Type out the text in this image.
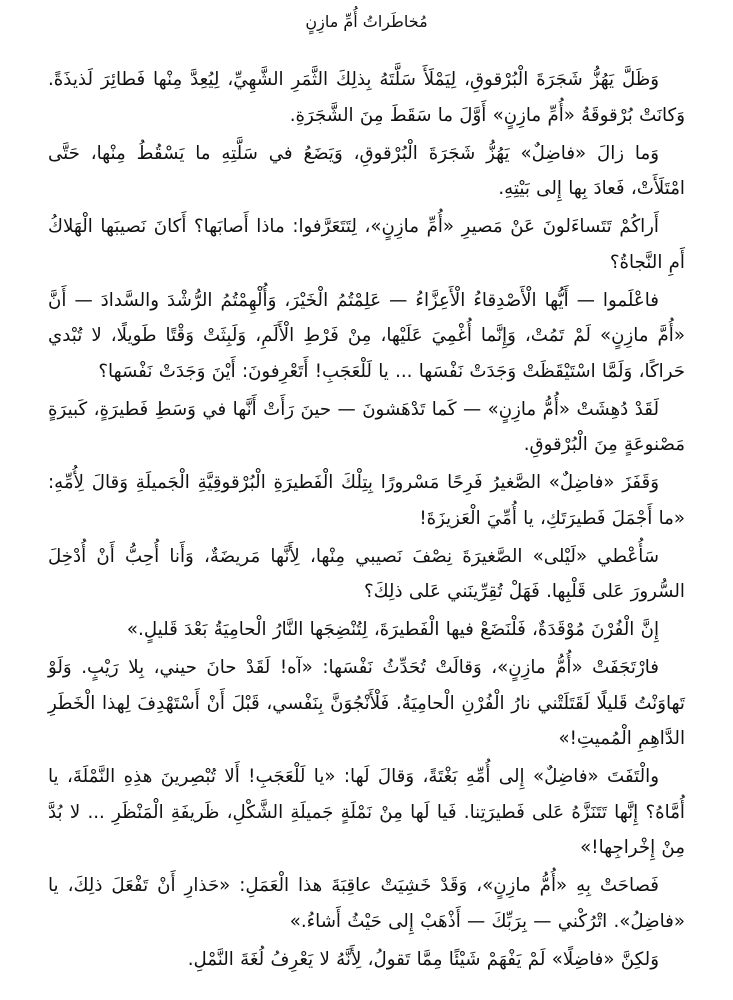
مُخاطَراتُ أُمِّ مازِنٍ

وَظَلَّ يَهُزُّ شَجَرَةَ الْبُرْقوقِ، لِيَمْلَأَ سَلَّتَهُ بِذلِكَ الثَّمَرِ الشَّهِيِّ، لِيُعِدَّ مِنْها فَطائِرَ لَذيذَةً. وَكانَتْ بُرْقوقَةُ «أُمِّ مازِنٍ» أَوَّلَ ما سَقَطَ مِنَ الشَّجَرَةِ.

وَما زالَ «فاضِلٌ» يَهُزُّ شَجَرَةَ الْبُرْقوقِ، وَيَضَعُ في سَلَّتِهِ ما يَسْقُطُ مِنْها، حَتَّى امْتَلَأَتْ، فَعادَ بِها إِلى بَيْتِهِ.

أَراكُمْ تَتَساءَلونَ عَنْ مَصيرِ «أُمِّ مازِنٍ»، لِتَتَعَرَّفوا: ماذا أَصابَها؟ أَكانَ نَصيبَها الْهَلاكُ أَمِ النَّجاةُ؟

فاعْلَموا — أَيُّها الْأَصْدِقاءُ الْأَعِزَّاءُ — عَلِمْتُمُ الْخَيْرَ، وَأُلْهِمْتُمُ الرُّشْدَ والسَّدادَ — أَنَّ «أُمَّ مازِنٍ» لَمْ تَمُتْ، وَإِنَّما أُغْمِيَ عَلَيْها، مِنْ فَرْطِ الْأَلَمِ، وَلَبِثَتْ وَقْتًا طَويلًا، لا تُبْدي حَراكًا، وَلَمَّا اسْتَيْقَظَتْ وَجَدَتْ نَفْسَها ... يا لَلْعَجَبِ! أَتَعْرِفونَ: أَيْنَ وَجَدَتْ نَفْسَها؟

لَقَدْ دُهِشَتْ «أُمُّ مازِنٍ» — كَما تَدْهَشونَ — حينَ رَأَتْ أَنَّها في وَسَطِ فَطيرَةٍ، كَبيرَةٍ مَصْنوعَةٍ مِنَ الْبُرْقوقِ.

وَقَفَزَ «فاضِلٌ» الصَّغيرُ فَرِحًا مَسْرورًا بِتِلْكَ الْفَطيرَةِ الْبُرْقوقِيَّةِ الْجَميلَةِ وَقالَ لِأُمِّهِ: «ما أَجْمَلَ فَطيرَتَكِ، يا أُمِّيَ الْعَزيزَةَ!

سَأُعْطي «لَيْلى» الصَّغيرَةَ نِصْفَ نَصيبي مِنْها، لِأَنَّها مَريضَةٌ، وَأَنا أُحِبُّ أَنْ أُدْخِلَ السُّرورَ عَلى قَلْبِها. فَهَلْ تُقِرِّينَني عَلى ذلِكَ؟

إِنَّ الْفُرْنَ مُوْقَدَةٌ، فَلْنَضَعْ فيها الْفَطيرَةَ، لِتُنْضِجَها النَّارُ الْحامِيَةُ بَعْدَ قَليلٍ.»

فارْتَجَفَتْ «أُمُّ مازِنٍ»، وَقالَتْ تُحَدِّثُ نَفْسَها: «آه! لَقَدْ حانَ حيني، بِلا رَيْبٍ. وَلَوْ تَهاوَنْتُ قَليلًا لَقَتَلَتْني نارُ الْفُرْنِ الْحامِيَةُ. فَلْأَنْجُوَنَّ بِنَفْسي، قَبْلَ أَنْ أَسْتَهْدِفَ لِهذا الْخَطَرِ الدَّاهِمِ الْمُميتِ!»

والْتَفَتَ «فاضِلٌ» إِلى أُمِّهِ بَغْتَةً، وَقالَ لَها: «يا لَلْعَجَبِ! أَلا تُبْصِرينَ هذِهِ النَّمْلَةَ، يا أُمَّاهُ؟ إِنَّها تَتَنَزَّهُ عَلى فَطيرَتِنا. فَيا لَها مِنْ نَمْلَةٍ جَميلَةِ الشَّكْلِ، ظَريفَةِ الْمَنْظَرِ ... لا بُدَّ مِنْ إِخْراجِها!»

فَصاحَتْ بِهِ «أُمُّ مازِنٍ»، وَقَدْ خَشِيَتْ عاقِبَةَ هذا الْعَمَلِ: «حَذارِ أَنْ تَفْعَلَ ذلِكَ، يا «فاضِلُ». اتْرُكْني — بِرَبِّكَ — أَذْهَبْ إِلى حَيْثُ أَشاءُ.»

وَلكِنَّ «فاضِلًا» لَمْ يَفْهَمْ شَيْئًا مِمَّا تَقولُ، لِأَنَّهُ لا يَعْرِفُ لُغَةَ النَّمْلِ.
